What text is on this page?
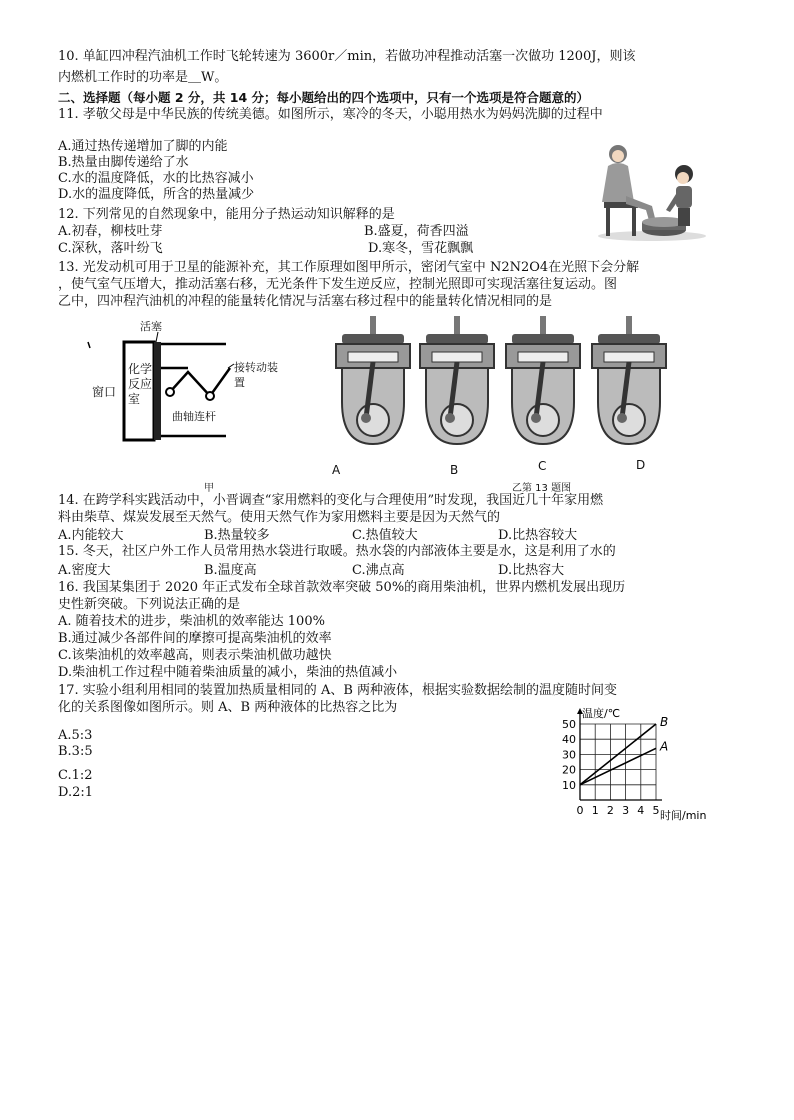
10. 单缸四冲程汽油机工作时飞轮转速为 3600r／min，若做功冲程推动活塞一次做功 1200J，则该
内燃机工作时的功率是＿W。
二、选择题（每小题 2 分，共 14 分；每小题给出的四个选项中，只有一个选项是符合题意的）
11. 孝敬父母是中华民族的传统美德。如图所示，寒冷的冬天，小聪用热水为妈妈洗脚的过程中
A.通过热传递增加了脚的内能
B.热量由脚传递给了水
C.水的温度降低，水的比热容减小
D.水的温度降低，所含的热量减少
12. 下列常见的自然现象中，能用分子热运动知识解释的是
A.初春，柳枝吐芽	B.盛夏，荷香四溢
C.深秋，落叶纷飞	D.寒冬，雪花飘飘
13. 光发动机可用于卫星的能源补充，其工作原理如图甲所示，密闭气室中 N2N2O4在光照下会分解
，使气室气压增大，推动活塞右移，无光条件下发生逆反应，控制光照即可实现活塞往复运动。图
乙中，四冲程汽油机的冲程的能量转化情况与活塞右移过程中的能量转化情况相同的是
活塞
窗口
化学反应室
曲轴连杆
接转动装置
A	B	C	D
甲	乙第 13 题图
14. 在跨学科实践活动中，小晋调查“家用燃料的变化与合理使用”时发现，我国近几十年家用燃
料由柴草、煤炭发展至天然气。使用天然气作为家用燃料主要是因为天然气的
A.内能较大	B.热量较多	C.热值较大	D.比热容较大
15. 冬天，社区户外工作人员常用热水袋进行取暖。热水袋的内部液体主要是水，这是利用了水的
A.密度大	B.温度高	C.沸点高	D.比热容大
16. 我国某集团于 2020 年正式发布全球首款效率突破 50%的商用柴油机，世界内燃机发展出现历
史性新突破。下列说法正确的是
A. 随着技术的进步，柴油机的效率能达 100%
B.通过减少各部件间的摩擦可提高柴油机的效率
C.该柴油机的效率越高，则表示柴油机做功越快
D.柴油机工作过程中随着柴油质量的减小，柴油的热值减小
17. 实验小组利用相同的装置加热质量相同的 A、B 两种液体，根据实验数据绘制的温度随时间变
化的关系图像如图所示。则 A、B 两种液体的比热容之比为
A.5:3
B.3:5
C.1:2
D.2:1
温度/℃
时间/min
0 1 2 3 4 5
10
20
30
40
50	B
A
